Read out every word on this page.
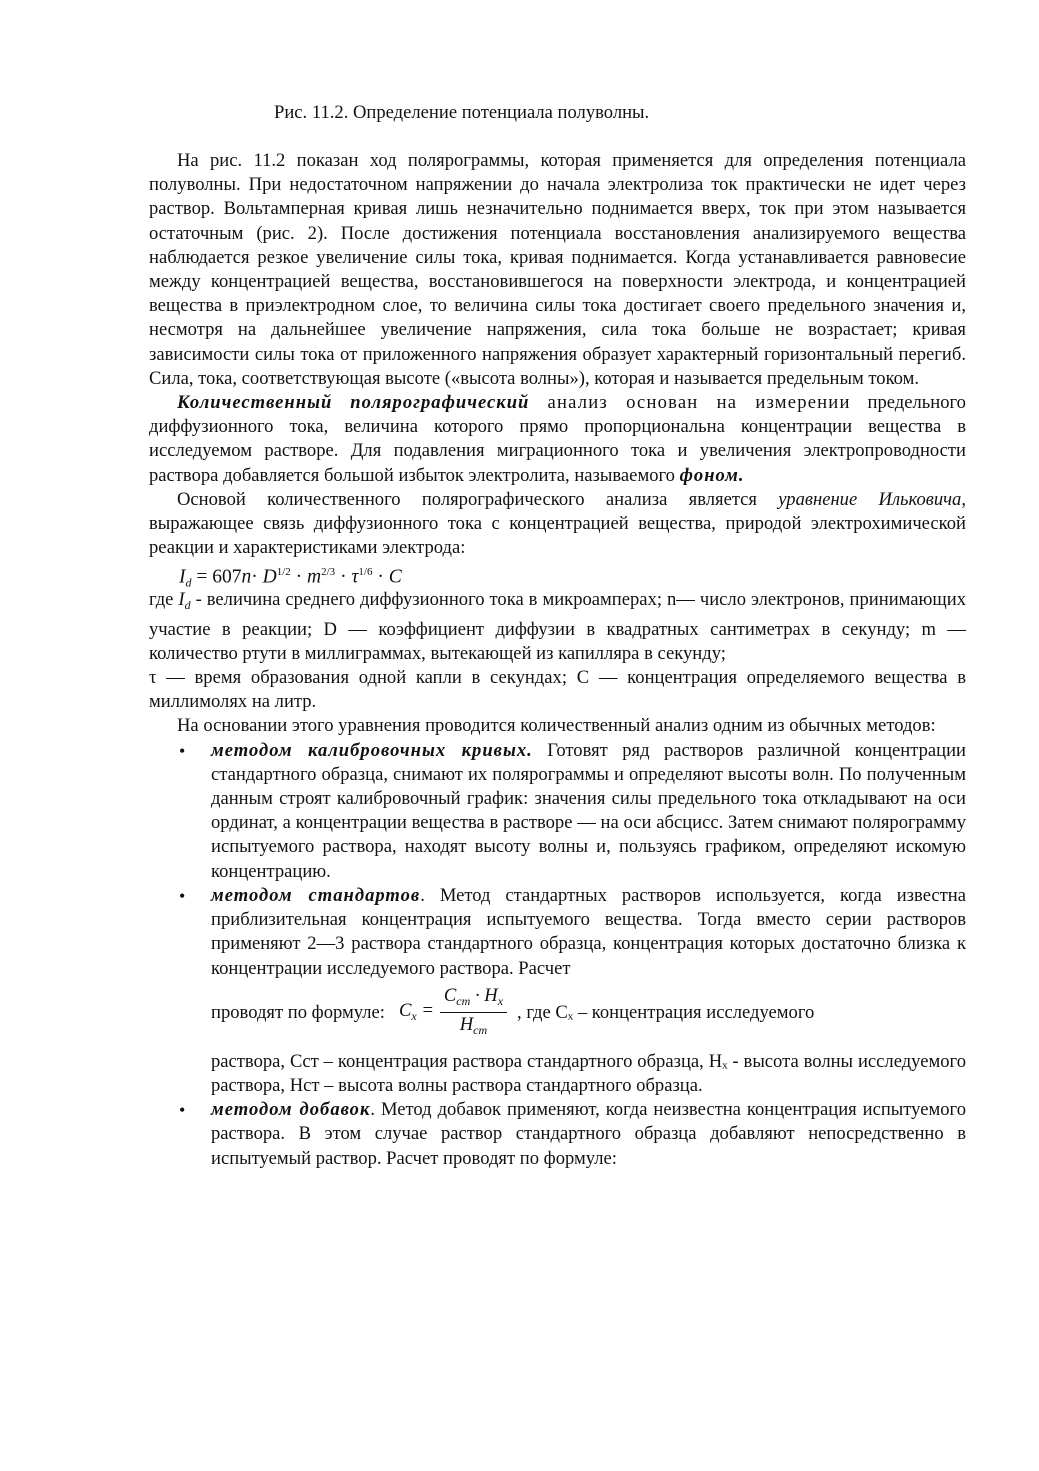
Рис. 11.2. Определение потенциала полуволны.

На рис. 11.2 показан ход полярограммы, которая применяется для определения потенциала полуволны. При недостаточном напряжении до начала электролиза ток практически не идет через раствор. Вольтамперная кривая лишь незначительно поднимается вверх, ток при этом называется остаточным (рис. 2). После достижения потенциала восстановления анализируемого вещества наблюдается резкое увеличение силы тока, кривая поднимается. Когда устанавливается равновесие между концентрацией вещества, восстановившегося на поверхности электрода, и концентрацией вещества в приэлектродном слое, то величина силы тока достигает своего предельного значения и, несмотря на дальнейшее увеличение напряжения, сила тока больше не возрастает; кривая зависимости силы тока от приложенного напряжения образует характерный горизонтальный перегиб. Сила, тока, соответствующая высоте («высота волны»), которая и называется предельным током.

Количественный полярографический анализ основан на измерении предельного диффузионного тока, величина которого прямо пропорциональна концентрации вещества в исследуемом растворе. Для подавления миграционного тока и увеличения электропроводности раствора добавляется большой избыток электролита, называемого фоном.

Основой количественного полярографического анализа является уравнение Ильковича, выражающее связь диффузионного тока с концентрацией вещества, природой электрохимической реакции и характеристиками электрода:

$I_d = 607n\cdot D^{1/2} \cdot m^{2/3} \cdot \tau^{1/6} \cdot C$

где $I_d$ - величина среднего диффузионного тока в микроамперах; n— число электронов, принимающих участие в реакции; D — коэффициент диффузии в квадратных сантиметрах в секунду; m — количество ртути в миллиграммах, вытекающей из капилляра в секунду;

τ — время образования одной капли в секундах; C — концентрация определяемого вещества в миллимолях на литр.

На основании этого уравнения проводится количественный анализ одним из обычных методов:

• методом калибровочных кривых. Готовят ряд растворов различной концентрации стандартного образца, снимают их полярограммы и определяют высоты волн. По полученным данным строят калибровочный график: значения силы предельного тока откладывают на оси ординат, а концентрации вещества в растворе — на оси абсцисс. Затем снимают полярограмму испытуемого раствора, находят высоту волны и, пользуясь графиком, определяют искомую концентрацию.

• методом стандартов. Метод стандартных растворов используется, когда известна приблизительная концентрация испытуемого вещества. Тогда вместо серии растворов применяют 2—3 раствора стандартного образца, концентрация которых достаточно близка к концентрации исследуемого раствора. Расчет

проводят по формуле: $C_x = \frac{C_{ст} \cdot H_x}{H_{ст}}$ , где Cₓ – концентрация исследуемого

раствора, Cст – концентрация раствора стандартного образца, Hₓ - высота волны исследуемого раствора, Hст – высота волны раствора стандартного образца.

• методом добавок. Метод добавок применяют, когда неизвестна концентрация испытуемого раствора. В этом случае раствор стандартного образца добавляют непосредственно в испытуемый раствор. Расчет проводят по формуле:
